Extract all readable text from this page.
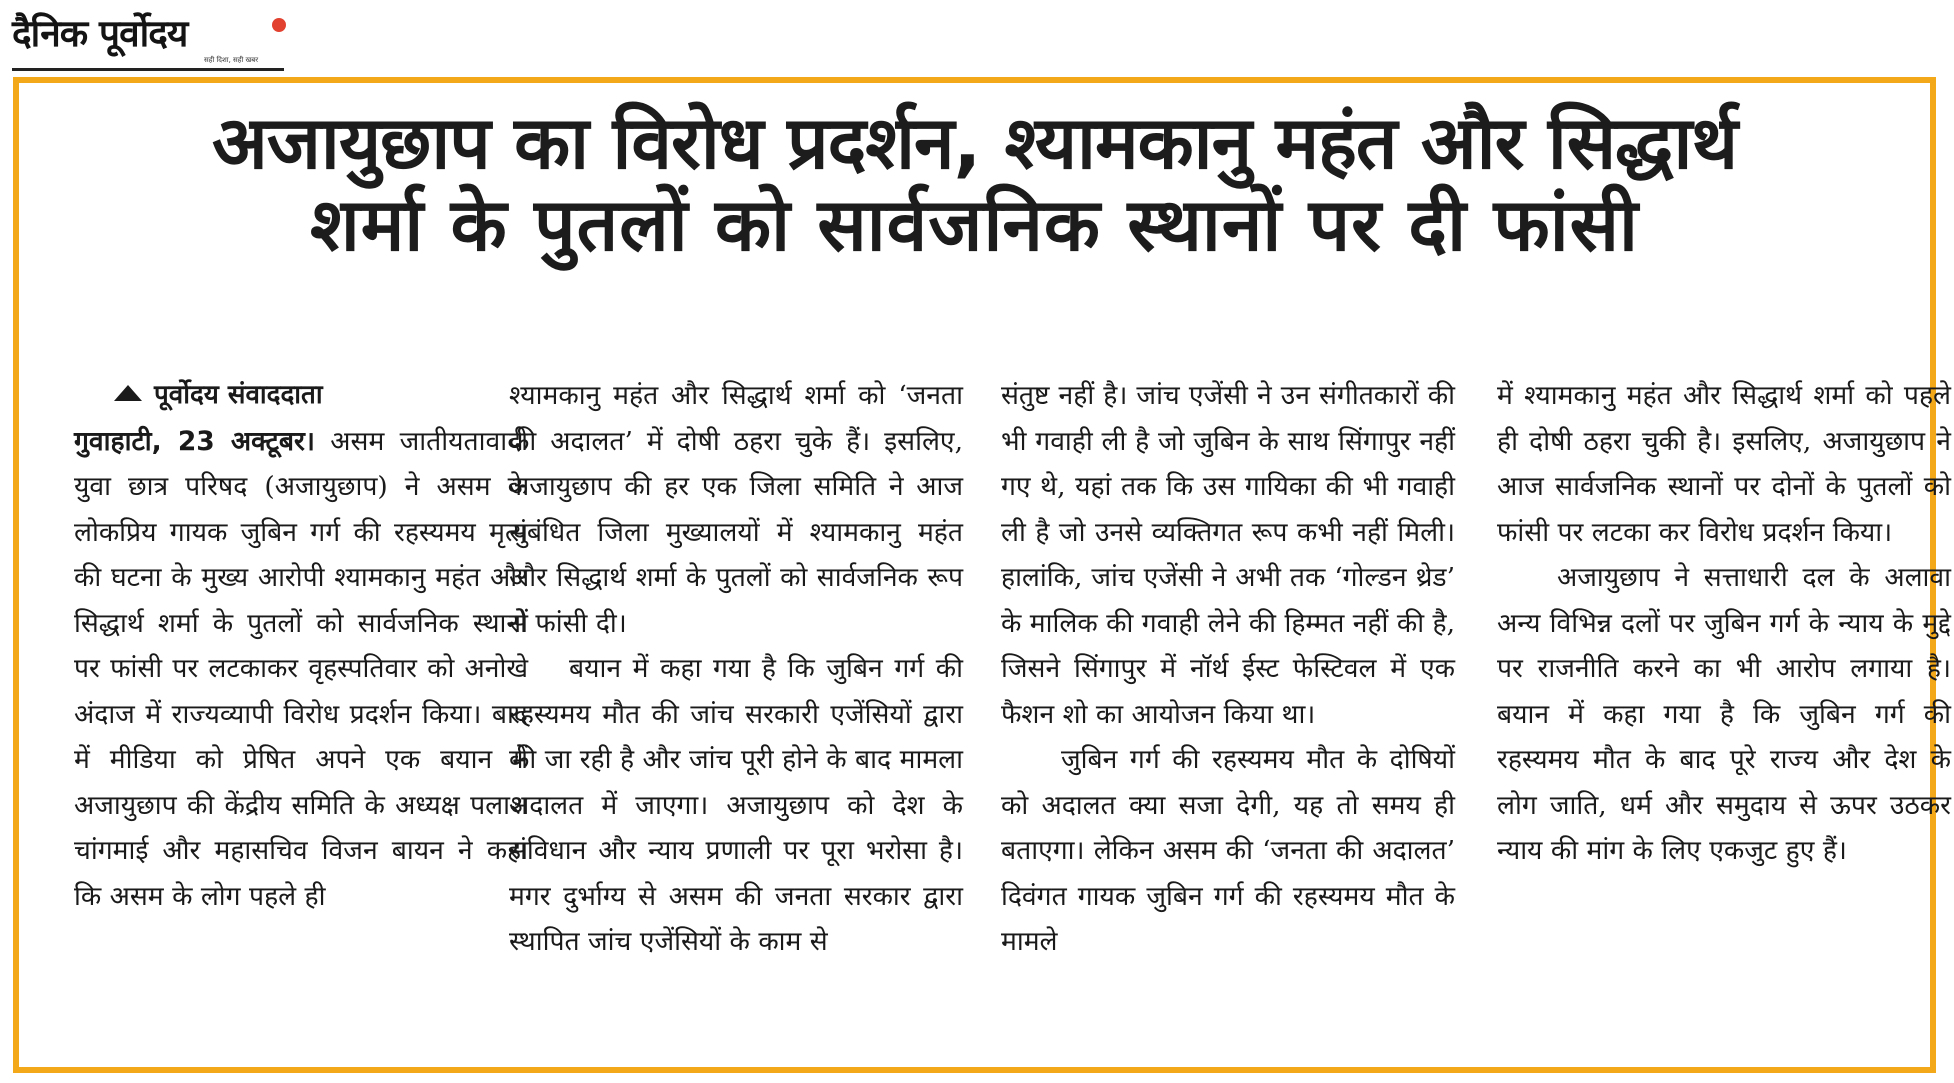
दैनिक पूर्वोदय
सही दिशा, सही खबर
अजायुछाप का विरोध प्रदर्शन, श्यामकानु महंत और सिद्धार्थ
शर्मा के पुतलों को सार्वजनिक स्थानों पर दी फांसी
पूर्वोदय संवाददाता

गुवाहाटी, 23 अक्टूबर। असम जातीयतावादी युवा छात्र परिषद (अजायुछाप) ने असम के लोकप्रिय गायक जुबिन गर्ग की रहस्यमय मृत्यु की घटना के मुख्य आरोपी श्यामकानु महंत और सिद्धार्थ शर्मा के पुतलों को सार्वजनिक स्थानों पर फांसी पर लटकाकर वृहस्पतिवार को अनोखे अंदाज में राज्यव्यापी विरोध प्रदर्शन किया। बाद में मीडिया को प्रेषित अपने एक बयान में अजायुछाप की केंद्रीय समिति के अध्यक्ष पलाश चांगमाई और महासचिव विजन बायन ने कहा कि असम के लोग पहले ही

श्यामकानु महंत और सिद्धार्थ शर्मा को ‘जनता की अदालत’ में दोषी ठहरा चुके हैं। इसलिए, अजायुछाप की हर एक जिला समिति ने आज संबंधित जिला मुख्यालयों में श्यामकानु महंत और सिद्धार्थ शर्मा के पुतलों को सार्वजनिक रूप से फांसी दी।

बयान में कहा गया है कि जुबिन गर्ग की रहस्यमय मौत की जांच सरकारी एजेंसियों द्वारा की जा रही है और जांच पूरी होने के बाद मामला अदालत में जाएगा। अजायुछाप को देश के संविधान और न्याय प्रणाली पर पूरा भरोसा है। मगर दुर्भाग्य से असम की जनता सरकार द्वारा स्थापित जांच एजेंसियों के काम से

संतुष्ट नहीं है। जांच एजेंसी ने उन संगीतकारों की भी गवाही ली है जो जुबिन के साथ सिंगापुर नहीं गए थे, यहां तक कि उस गायिका की भी गवाही ली है जो उनसे व्यक्तिगत रूप कभी नहीं मिली। हालांकि, जांच एजेंसी ने अभी तक ‘गोल्डन थ्रेड’ के मालिक की गवाही लेने की हिम्मत नहीं की है, जिसने सिंगापुर में नॉर्थ ईस्ट फेस्टिवल में एक फैशन शो का आयोजन किया था।

जुबिन गर्ग की रहस्यमय मौत के दोषियों को अदालत क्या सजा देगी, यह तो समय ही बताएगा। लेकिन असम की ‘जनता की अदालत’ दिवंगत गायक जुबिन गर्ग की रहस्यमय मौत के मामले

में श्यामकानु महंत और सिद्धार्थ शर्मा को पहले ही दोषी ठहरा चुकी है। इसलिए, अजायुछाप ने आज सार्वजनिक स्थानों पर दोनों के पुतलों को फांसी पर लटका कर विरोध प्रदर्शन किया।

अजायुछाप ने सत्ताधारी दल के अलावा अन्य विभिन्न दलों पर जुबिन गर्ग के न्याय के मुद्दे पर राजनीति करने का भी आरोप लगाया है। बयान में कहा गया है कि जुबिन गर्ग की रहस्यमय मौत के बाद पूरे राज्य और देश के लोग जाति, धर्म और समुदाय से ऊपर उठकर न्याय की मांग के लिए एकजुट हुए हैं।
